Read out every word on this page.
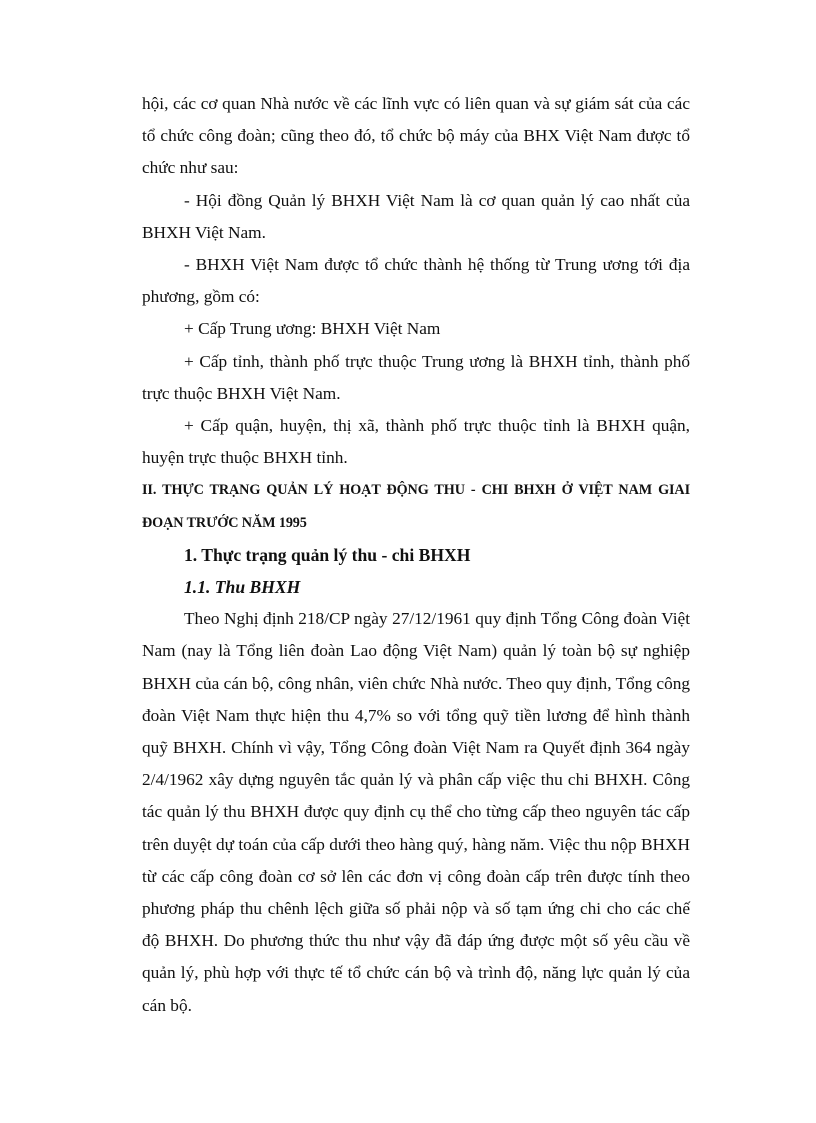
hội, các cơ quan Nhà nước về các lĩnh vực có liên quan và sự giám sát của các tổ chức công đoàn; cũng theo đó, tổ chức bộ máy của BHX Việt Nam được tổ chức như sau:

- Hội đồng Quản lý BHXH Việt Nam là cơ quan quản lý cao nhất của BHXH Việt Nam.

- BHXH Việt Nam được tổ chức thành hệ thống từ Trung ương tới địa phương, gồm có:

+ Cấp Trung ương: BHXH Việt Nam

+ Cấp tỉnh, thành phố trực thuộc Trung ương là BHXH tỉnh, thành phố trực thuộc BHXH Việt Nam.

+ Cấp quận, huyện, thị xã, thành phố trực thuộc tỉnh là BHXH quận, huyện trực thuộc BHXH tỉnh.

II. THỰC TRẠNG QUẢN LÝ HOẠT ĐỘNG THU - CHI BHXH Ở VIỆT NAM GIAI ĐOẠN TRƯỚC NĂM 1995

1. Thực trạng quản lý thu - chi BHXH

1.1. Thu BHXH

Theo Nghị định 218/CP ngày 27/12/1961 quy định Tổng Công đoàn Việt Nam (nay là Tổng liên đoàn Lao động Việt Nam) quản lý toàn bộ sự nghiệp BHXH của cán bộ, công nhân, viên chức Nhà nước. Theo quy định, Tổng công đoàn Việt Nam thực hiện thu 4,7% so với tổng quỹ tiền lương để hình thành quỹ BHXH. Chính vì vậy, Tổng Công đoàn Việt Nam ra Quyết định 364 ngày 2/4/1962 xây dựng nguyên tắc quản lý và phân cấp việc thu chi BHXH. Công tác quản lý thu BHXH được quy định cụ thể cho từng cấp theo nguyên tác cấp trên duyệt dự toán của cấp dưới theo hàng quý, hàng năm. Việc thu nộp BHXH từ các cấp công đoàn cơ sở lên các đơn vị công đoàn cấp trên được tính theo phương pháp thu chênh lệch giữa số phải nộp và số tạm ứng chi cho các chế độ BHXH. Do phương thức thu như vậy đã đáp ứng được một số yêu cầu về quản lý, phù hợp với thực tế tổ chức cán bộ và trình độ, năng lực quản lý của cán bộ.
